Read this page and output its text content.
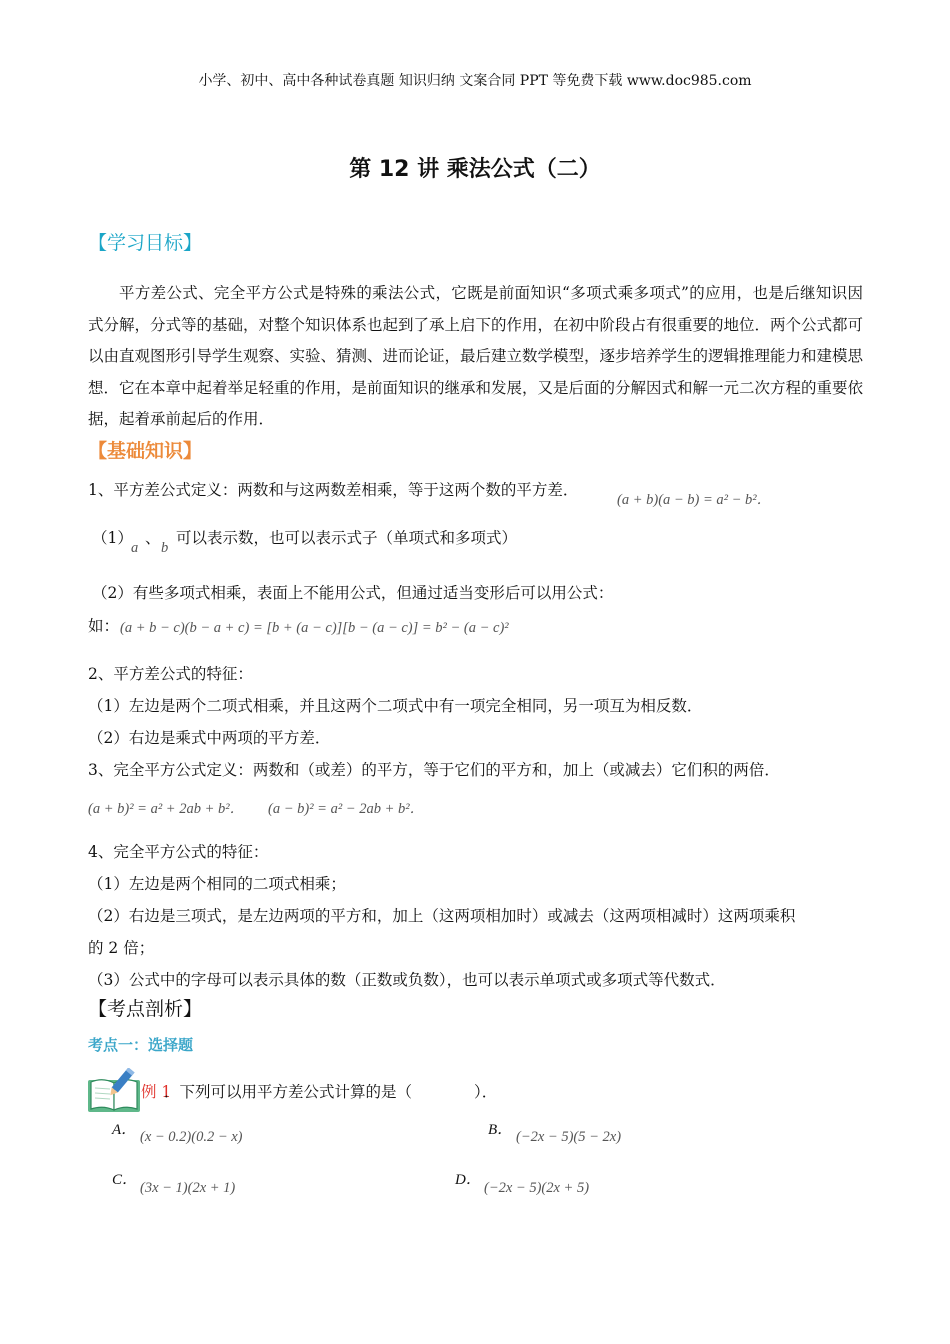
小学、初中、高中各种试卷真题 知识归纳 文案合同 PPT 等免费下载 www.doc985.com
第 12 讲 乘法公式（二）
【学习目标】
平方差公式、完全平方公式是特殊的乘法公式，它既是前面知识“多项式乘多项式”的应用，也是后继知识因式分解，分式等的基础，对整个知识体系也起到了承上启下的作用，在初中阶段占有很重要的地位．两个公式都可以由直观图形引导学生观察、实验、猜测、进而论证，最后建立数学模型，逐步培养学生的逻辑推理能力和建模思想．它在本章中起着举足轻重的作用，是前面知识的继承和发展，又是后面的分解因式和解一元二次方程的重要依据，起着承前起后的作用．
【基础知识】
1、平方差公式定义：两数和与这两数差相乘，等于这两个数的平方差．
(a + b)(a − b) = a² − b²．
（1）
a
、
b
可以表示数，也可以表示式子（单项式和多项式）
（2）有些多项式相乘，表面上不能用公式，但通过适当变形后可以用公式：
如： (a + b − c)(b − a + c) = [b + (a − c)][b − (a − c)] = b² − (a − c)²
2、平方差公式的特征：
（1）左边是两个二项式相乘，并且这两个二项式中有一项完全相同，另一项互为相反数．
（2）右边是乘式中两项的平方差．
3、完全平方公式定义：两数和（或差）的平方，等于它们的平方和，加上（或减去）它们积的两倍．
(a + b)² = a² + 2ab + b²． (a − b)² = a² − 2ab + b²．
4、完全平方公式的特征：
（1）左边是两个相同的二项式相乘；
（2）右边是三项式，是左边两项的平方和，加上（这两项相加时）或减去（这两项相减时）这两项乘积
的 2 倍；
（3）公式中的字母可以表示具体的数（正数或负数），也可以表示单项式或多项式等代数式．
【考点剖析】
考点一：选择题
例 1
．下列可以用平方差公式计算的是（　　　　）．
A． (x − 0.2)(0.2 − x)	B． (−2x − 5)(5 − 2x)
C． (3x − 1)(2x + 1)	D． (−2x − 5)(2x + 5)
